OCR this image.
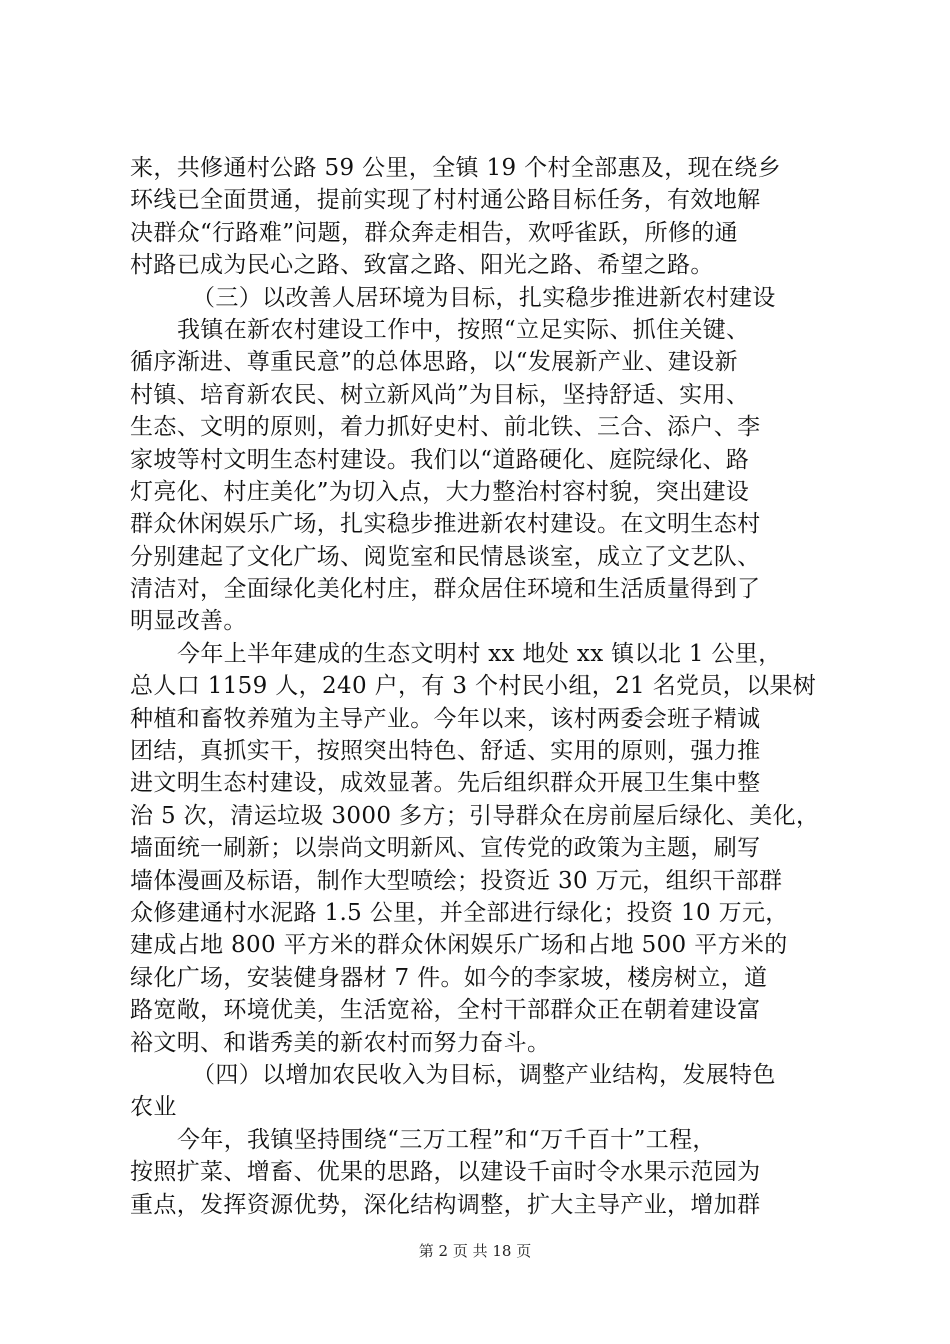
来，共修通村公路 59 公里，全镇 19 个村全部惠及，现在绕乡
环线已全面贯通，提前实现了村村通公路目标任务，有效地解
决群众“行路难”问题，群众奔走相告，欢呼雀跃，所修的通
村路已成为民心之路、致富之路、阳光之路、希望之路。
（三）以改善人居环境为目标，扎实稳步推进新农村建设
我镇在新农村建设工作中，按照“立足实际、抓住关键、
循序渐进、尊重民意”的总体思路，以“发展新产业、建设新
村镇、培育新农民、树立新风尚”为目标，坚持舒适、实用、
生态、文明的原则，着力抓好史村、前北铁、三合、添户、李
家坡等村文明生态村建设。我们以“道路硬化、庭院绿化、路
灯亮化、村庄美化”为切入点，大力整治村容村貌，突出建设
群众休闲娱乐广场，扎实稳步推进新农村建设。在文明生态村
分别建起了文化广场、阅览室和民情恳谈室，成立了文艺队、
清洁对，全面绿化美化村庄，群众居住环境和生活质量得到了
明显改善。
今年上半年建成的生态文明村 xx 地处 xx 镇以北 1 公里，
总人口 1159 人，240 户，有 3 个村民小组，21 名党员，以果树
种植和畜牧养殖为主导产业。今年以来，该村两委会班子精诚
团结，真抓实干，按照突出特色、舒适、实用的原则，强力推
进文明生态村建设，成效显著。先后组织群众开展卫生集中整
治 5 次，清运垃圾 3000 多方；引导群众在房前屋后绿化、美化，
墙面统一刷新；以崇尚文明新风、宣传党的政策为主题，刷写
墙体漫画及标语，制作大型喷绘；投资近 30 万元，组织干部群
众修建通村水泥路 1.5 公里，并全部进行绿化；投资 10 万元，
建成占地 800 平方米的群众休闲娱乐广场和占地 500 平方米的
绿化广场，安装健身器材 7 件。如今的李家坡，楼房树立，道
路宽敞，环境优美，生活宽裕，全村干部群众正在朝着建设富
裕文明、和谐秀美的新农村而努力奋斗。
（四）以增加农民收入为目标，调整产业结构，发展特色
农业
今年，我镇坚持围绕“三万工程”和“万千百十”工程，
按照扩菜、增畜、优果的思路，以建设千亩时令水果示范园为
重点，发挥资源优势，深化结构调整，扩大主导产业，增加群
第 2 页 共 18 页
